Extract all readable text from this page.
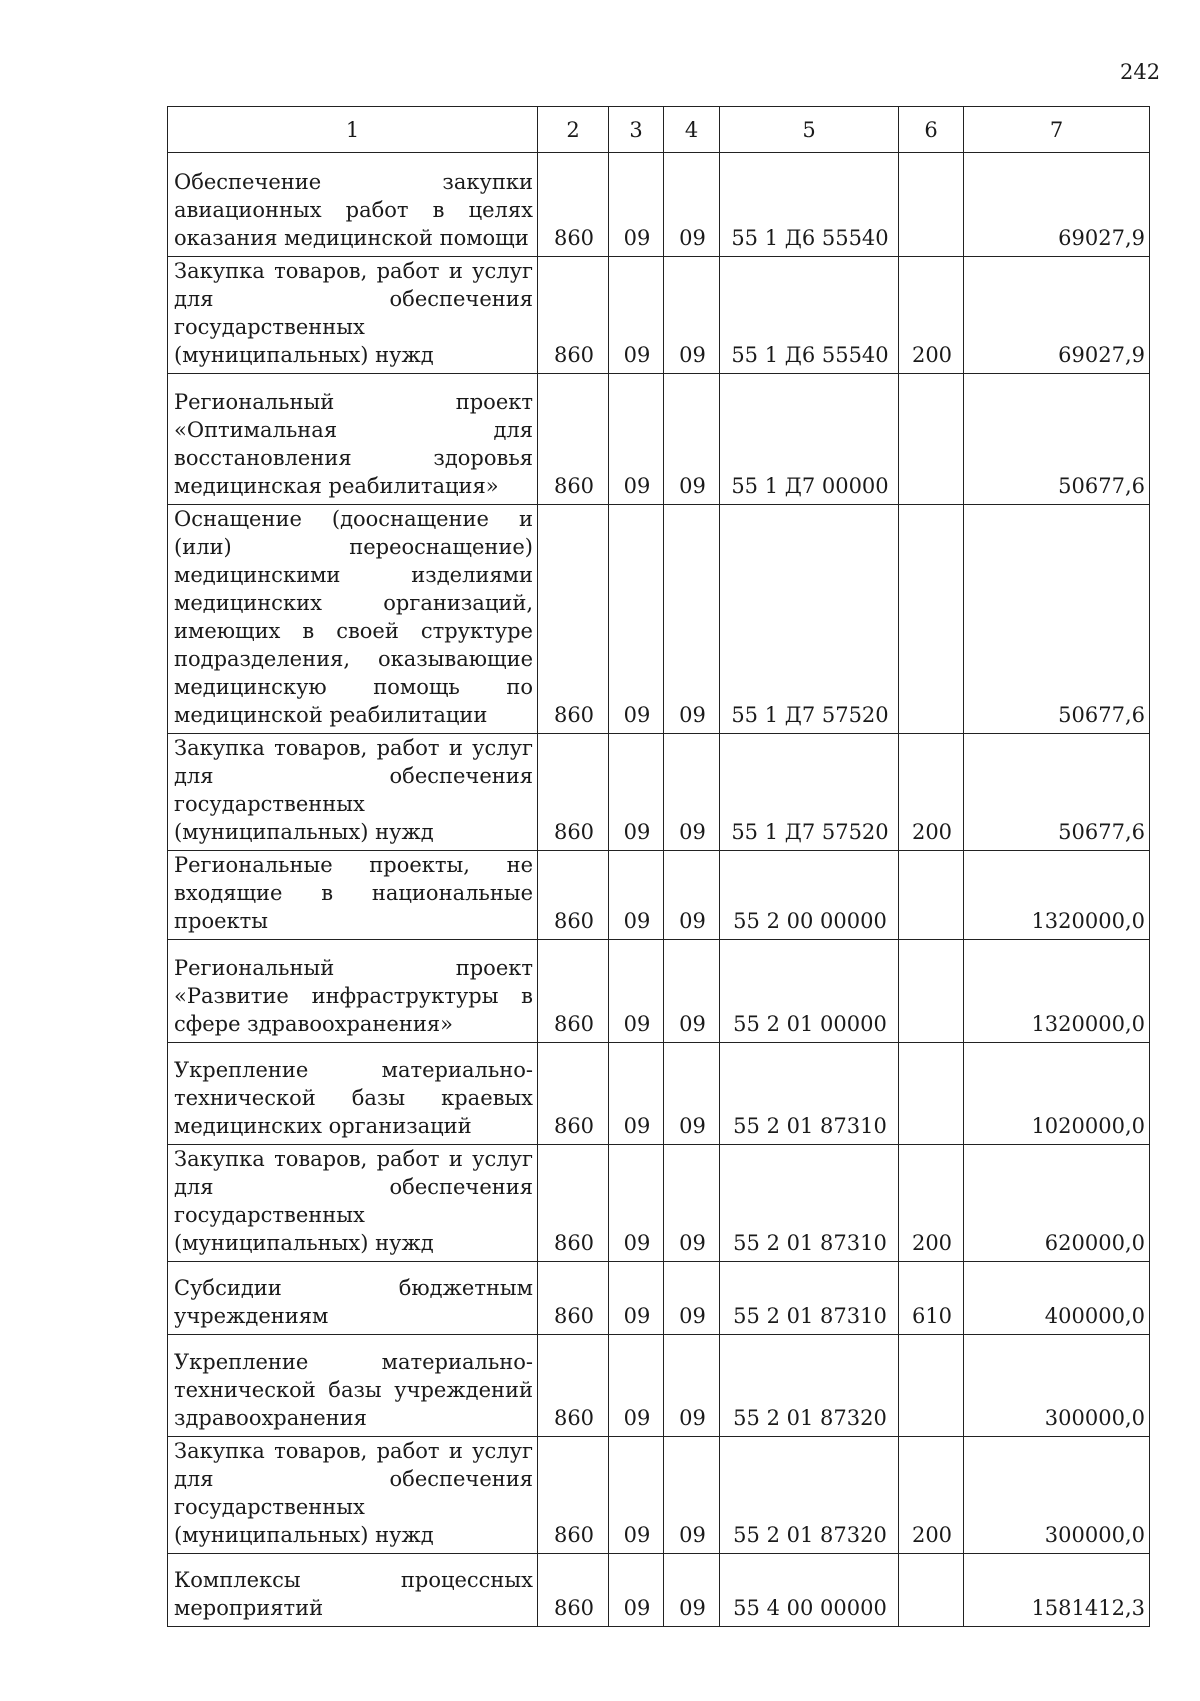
242
1	2	3	4	5	6	7
Обеспечение закупки авиационных работ в целях оказания медицинской помощи	860	09	09	55 1 Д6 55540		69027,9
Закупка товаров, работ и услуг для обеспечения государственных (муниципальных) нужд	860	09	09	55 1 Д6 55540	200	69027,9
Региональный проект «Оптимальная для восстановления здоровья медицинская реабилитация»	860	09	09	55 1 Д7 00000		50677,6
Оснащение (дооснащение и (или) переоснащение) медицинскими изделиями медицинских организаций, имеющих в своей структуре подразделения, оказывающие медицинскую помощь по медицинской реабилитации	860	09	09	55 1 Д7 57520		50677,6
Закупка товаров, работ и услуг для обеспечения государственных (муниципальных) нужд	860	09	09	55 1 Д7 57520	200	50677,6
Региональные проекты, не входящие в национальные проекты	860	09	09	55 2 00 00000		1320000,0
Региональный проект «Развитие инфраструктуры в сфере здравоохранения»	860	09	09	55 2 01 00000		1320000,0
Укрепление материально-технической базы краевых медицинских организаций	860	09	09	55 2 01 87310		1020000,0
Закупка товаров, работ и услуг для обеспечения государственных (муниципальных) нужд	860	09	09	55 2 01 87310	200	620000,0
Субсидии бюджетным учреждениям	860	09	09	55 2 01 87310	610	400000,0
Укрепление материально-технической базы учреждений здравоохранения	860	09	09	55 2 01 87320		300000,0
Закупка товаров, работ и услуг для обеспечения государственных (муниципальных) нужд	860	09	09	55 2 01 87320	200	300000,0
Комплексы процессных мероприятий	860	09	09	55 4 00 00000		1581412,3
